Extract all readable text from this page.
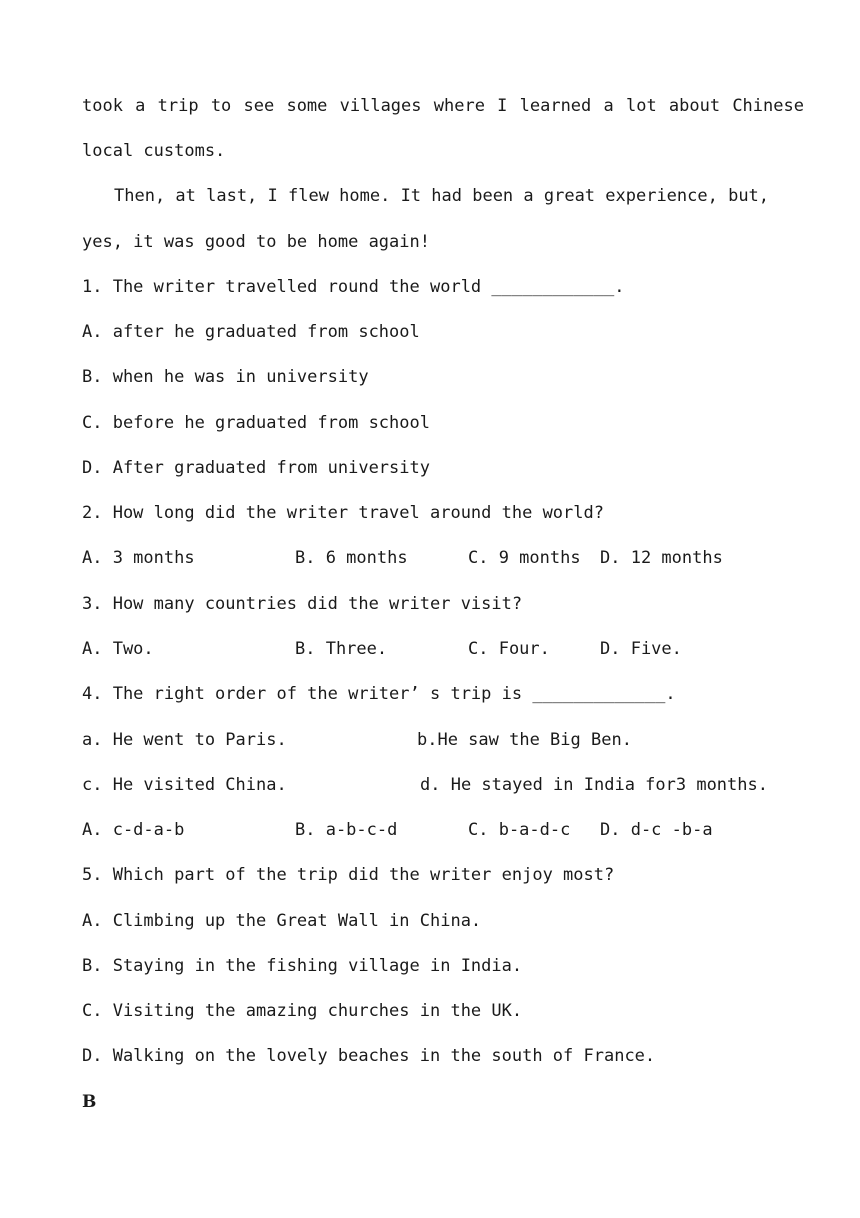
took a trip to see some villages where I learned a lot about Chinese
local customs.
Then, at last, I flew home. It had been a great experience, but,
yes, it was good to be home again!
1. The writer travelled round the world ____________.
A. after he graduated from school
B. when he was in university
C. before he graduated from school
D. After graduated from university
2. How long did the writer travel around the world?

A. 3 months

	B. 6 months

	C. 9 months

D. 12 months

3. How many countries did the writer visit?

A. Two.

	B. Three.

	C. Four.

	D. Five.

4. The right order of the writer’ s trip is _____________.

a. He went to Paris.

	b.He saw the Big Ben.

c. He visited China.

	d. He stayed in India for3 months.

A. c-d-a-b

	B. a-b-c-d

	C. b-a-d-c

D. d-c -b-a

5. Which part of the trip did the writer enjoy most?
A. Climbing up the Great Wall in China.
B. Staying in the fishing village in India.
C. Visiting the amazing churches in the UK.
D. Walking on the lovely beaches in the south of France.
B
